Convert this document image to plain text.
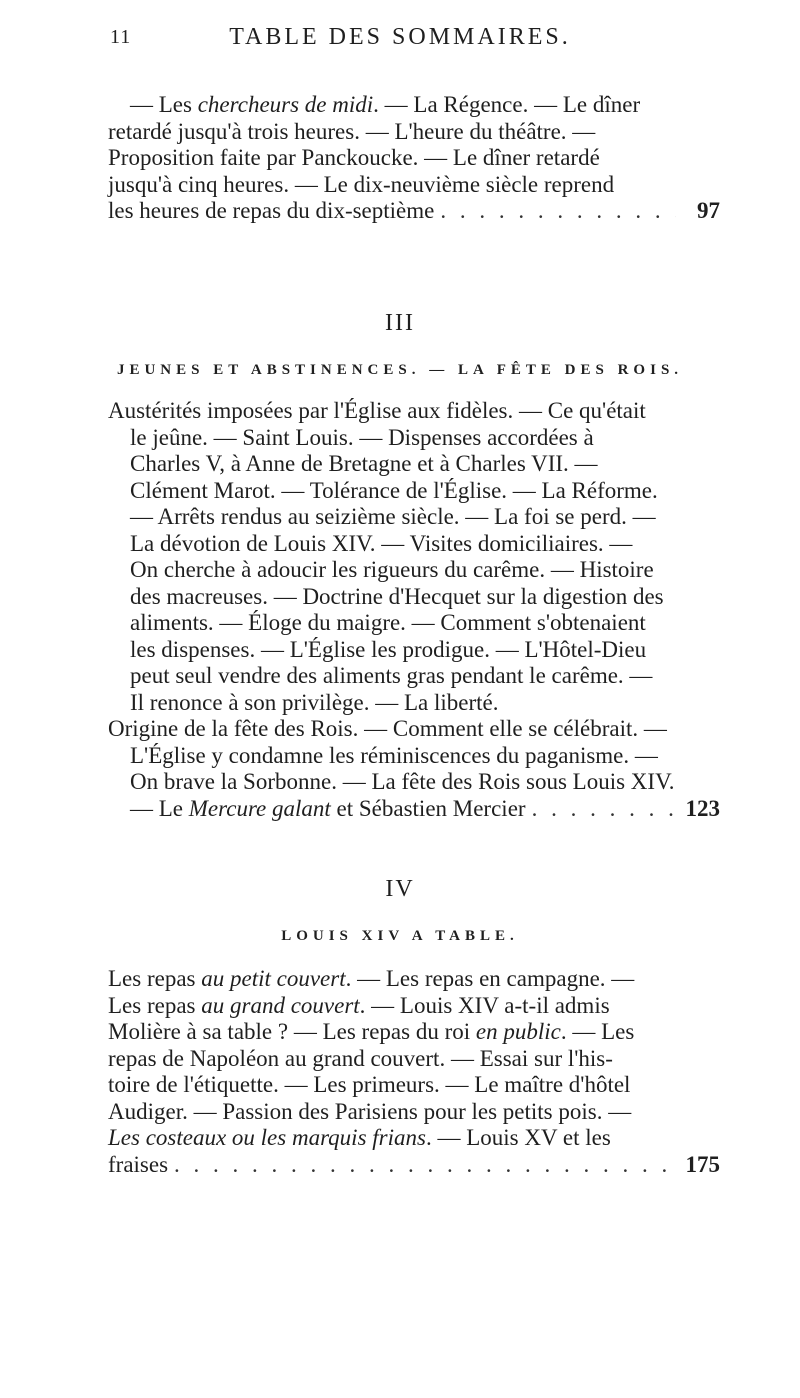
11	TABLE DES SOMMAIRES.
— Les chercheurs de midi. — La Régence. — Le dîner
retardé jusqu'à trois heures. — L'heure du théâtre. —
Proposition faite par Panckoucke. — Le dîner retardé
jusqu'à cinq heures. — Le dix-neuvième siècle reprend
les heures de repas du dix-septième . . .	97
III
JEUNES ET ABSTINENCES. — LA FÊTE DES ROIS.
Austérités imposées par l'Église aux fidèles. — Ce qu'était
le jeûne. — Saint Louis. — Dispenses accordées à
Charles V, à Anne de Bretagne et à Charles VII. —
Clément Marot. — Tolérance de l'Église. — La Réforme.
— Arrêts rendus au seizième siècle. — La foi se perd. —
La dévotion de Louis XIV. — Visites domiciliaires. —
On cherche à adoucir les rigueurs du carême. — Histoire
des macreuses. — Doctrine d'Hecquet sur la digestion des
aliments. — Éloge du maigre. — Comment s'obtenaient
les dispenses. — L'Église les prodigue. — L'Hôtel-Dieu
peut seul vendre des aliments gras pendant le carême. —
Il renonce à son privilège. — La liberté.
Origine de la fête des Rois. — Comment elle se célébrait. —
L'Église y condamne les réminiscences du paganisme. —
On brave la Sorbonne. — La fête des Rois sous Louis XIV.
— Le Mercure galant et Sébastien Mercier . . .	123
IV
LOUIS XIV A TABLE.
Les repas au petit couvert. — Les repas en campagne. —
Les repas au grand couvert. — Louis XIV a-t-il admis
Molière à sa table ? — Les repas du roi en public. — Les
repas de Napoléon au grand couvert. — Essai sur l'his-
toire de l'étiquette. — Les primeurs. — Le maître d'hôtel
Audiger. — Passion des Parisiens pour les petits pois. —
Les costeaux ou les marquis frians. — Louis XV et les
fraises . . .	175
